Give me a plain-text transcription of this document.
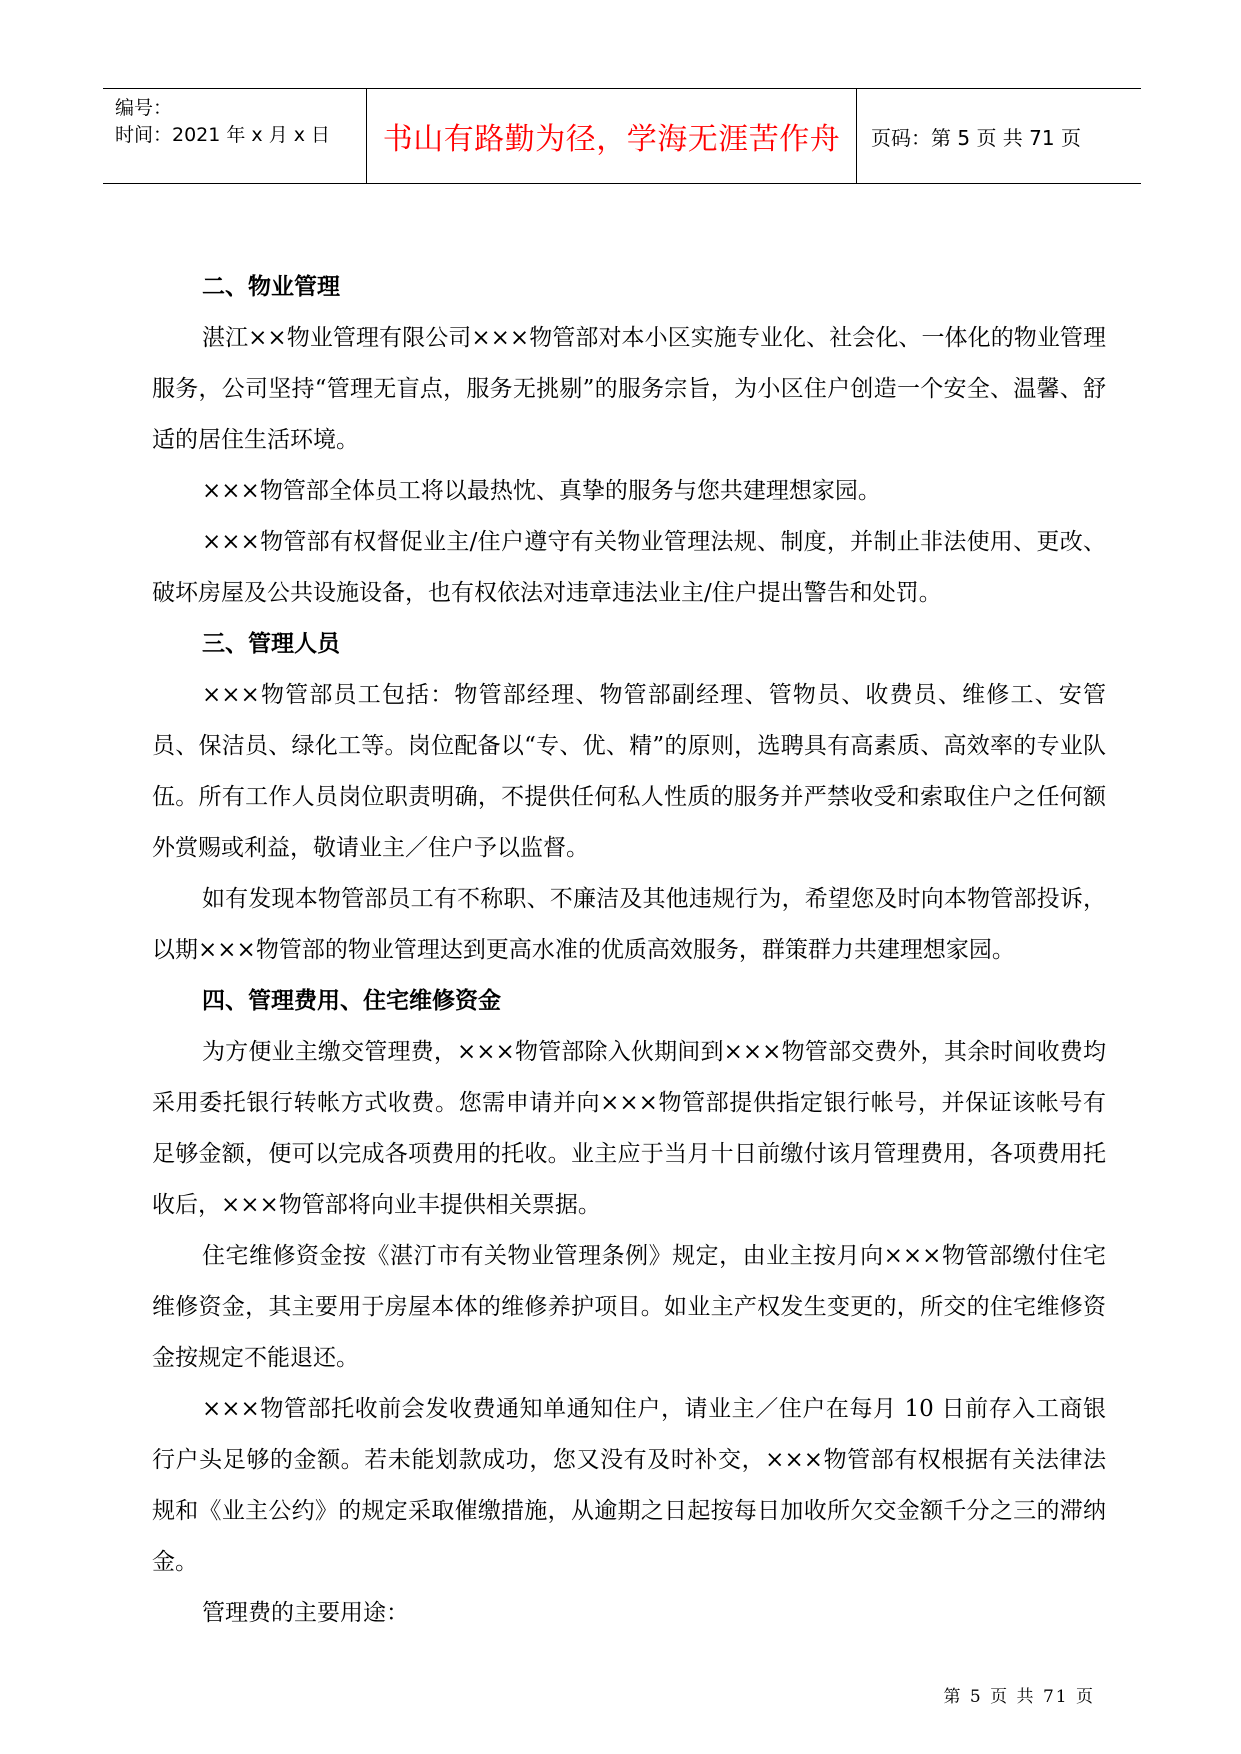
编号：
时间：2021 年 x 月 x 日	书山有路勤为径，学海无涯苦作舟	页码：第 5 页 共 71 页

二、物业管理

湛江××物业管理有限公司×××物管部对本小区实施专业化、社会化、一体化的物业管理服务，公司坚持“管理无盲点，服务无挑剔”的服务宗旨，为小区住户创造一个安全、温馨、舒适的居住生活环境。

×××物管部全体员工将以最热忱、真挚的服务与您共建理想家园。

×××物管部有权督促业主/住户遵守有关物业管理法规、制度，并制止非法使用、更改、破坏房屋及公共设施设备，也有权依法对违章违法业主/住户提出警告和处罚。

三、管理人员

×××物管部员工包括：物管部经理、物管部副经理、管物员、收费员、维修工、安管员、保洁员、绿化工等。岗位配备以“专、优、精”的原则，选聘具有高素质、高效率的专业队伍。所有工作人员岗位职责明确，不提供任何私人性质的服务并严禁收受和索取住户之任何额外赏赐或利益，敬请业主／住户予以监督。

如有发现本物管部员工有不称职、不廉洁及其他违规行为，希望您及时向本物管部投诉，以期×××物管部的物业管理达到更高水准的优质高效服务，群策群力共建理想家园。

四、管理费用、住宅维修资金

为方便业主缴交管理费，×××物管部除入伙期间到×××物管部交费外，其余时间收费均采用委托银行转帐方式收费。您需申请并向×××物管部提供指定银行帐号，并保证该帐号有足够金额，便可以完成各项费用的托收。业主应于当月十日前缴付该月管理费用，各项费用托收后，×××物管部将向业丰提供相关票据。

住宅维修资金按《湛汀市有关物业管理条例》规定，由业主按月向×××物管部缴付住宅维修资金，其主要用于房屋本体的维修养护项目。如业主产权发生变更的，所交的住宅维修资金按规定不能退还。

×××物管部托收前会发收费通知单通知住户，请业主／住户在每月 10 日前存入工商银行户头足够的金额。若未能划款成功，您又没有及时补交，×××物管部有权根据有关法律法规和《业主公约》的规定采取催缴措施，从逾期之日起按每日加收所欠交金额千分之三的滞纳金。

管理费的主要用途：

第 5 页 共 71 页
